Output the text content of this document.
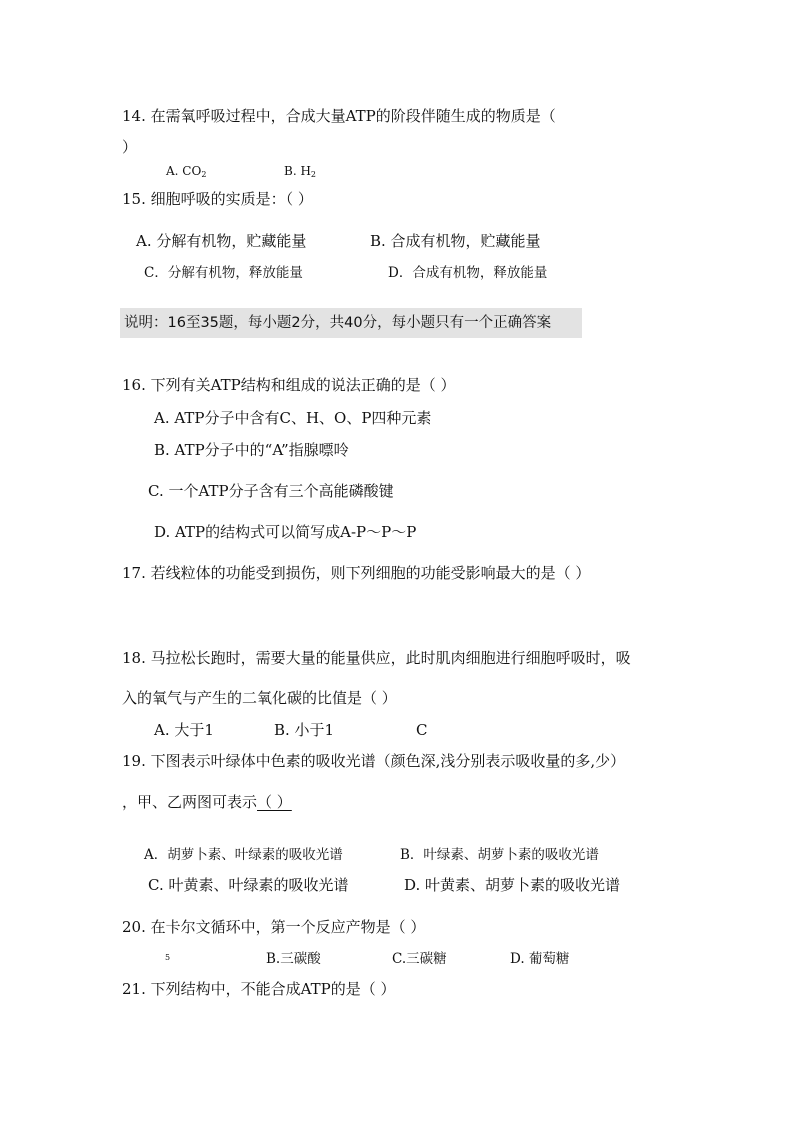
14. 在需氧呼吸过程中，合成大量ATP的阶段伴随生成的物质是（
）
A. $CO_2$	B. $H_2$
15. 细胞呼吸的实质是：（ ）
A. 分解有机物，贮藏能量	B. 合成有机物，贮藏能量
C．分解有机物，释放能量	D．合成有机物，释放能量
说明：16至35题，每小题2分，共40分，每小题只有一个正确答案
16. 下列有关ATP结构和组成的说法正确的是（ ）
A. ATP分子中含有C、H、O、P四种元素
B. ATP分子中的“A”指腺嘌呤
C. 一个ATP分子含有三个高能磷酸键
D. ATP的结构式可以简写成A-P～P～P
17. 若线粒体的功能受到损伤，则下列细胞的功能受影响最大的是（ ）
18. 马拉松长跑时，需要大量的能量供应，此时肌肉细胞进行细胞呼吸时，吸
入的氧气与产生的二氧化碳的比值是（ ）
A. 大于1	B. 小于1	C
19. 下图表示叶绿体中色素的吸收光谱（颜色深,浅分别表示吸收量的多,少）
，甲、乙两图可表示（ ）
A．胡萝卜素、叶绿素的吸收光谱	B．叶绿素、胡萝卜素的吸收光谱
C. 叶黄素、叶绿素的吸收光谱	D. 叶黄素、胡萝卜素的吸收光谱
20. 在卡尔文循环中，第一个反应产物是（ ）
5	B.三碳酸	C.三碳糖	D. 葡萄糖
21. 下列结构中，不能合成ATP的是（ ）
